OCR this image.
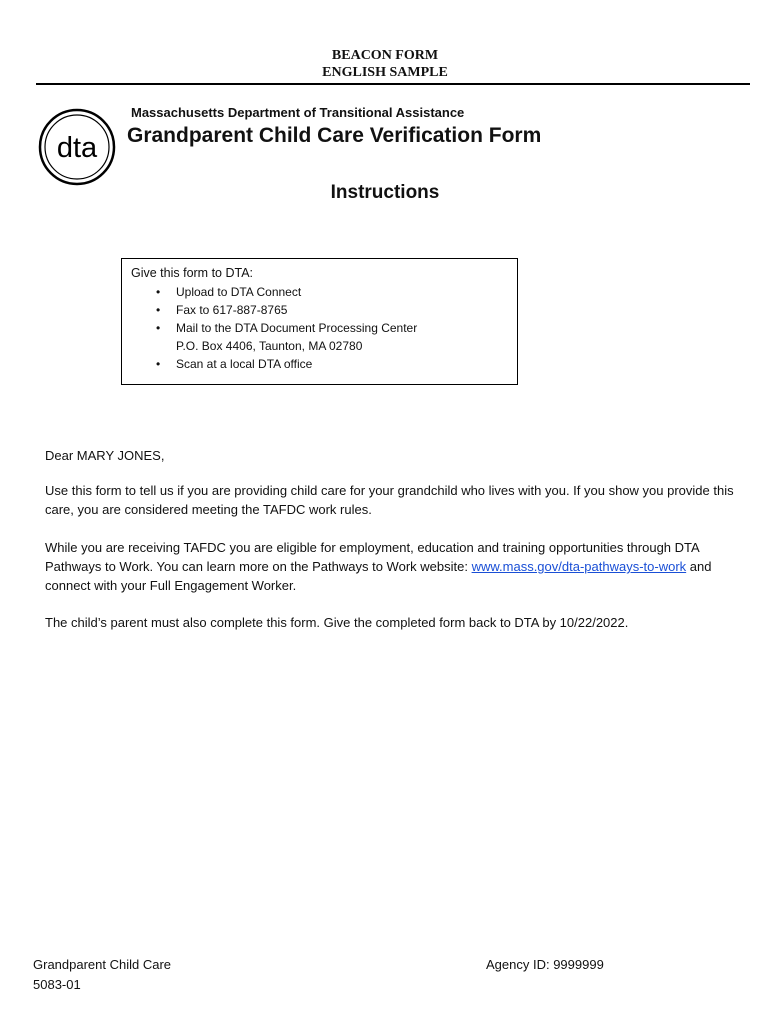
BEACON FORM
ENGLISH SAMPLE
dta
Massachusetts Department of Transitional Assistance
Grandparent Child Care Verification Form
Instructions
Give this form to DTA:
• Upload to DTA Connect
• Fax to 617-887-8765
• Mail to the DTA Document Processing Center
P.O. Box 4406, Taunton, MA 02780
• Scan at a local DTA office
Dear MARY JONES,
Use this form to tell us if you are providing child care for your grandchild who lives with you. If you show you provide this care, you are considered meeting the TAFDC work rules.
While you are receiving TAFDC you are eligible for employment, education and training opportunities through DTA Pathways to Work. You can learn more on the Pathways to Work website: www.mass.gov/dta-pathways-to-work and connect with your Full Engagement Worker.
The child’s parent must also complete this form. Give the completed form back to DTA by 10/22/2022.
Grandparent Child Care
5083-01
Agency ID: 9999999
